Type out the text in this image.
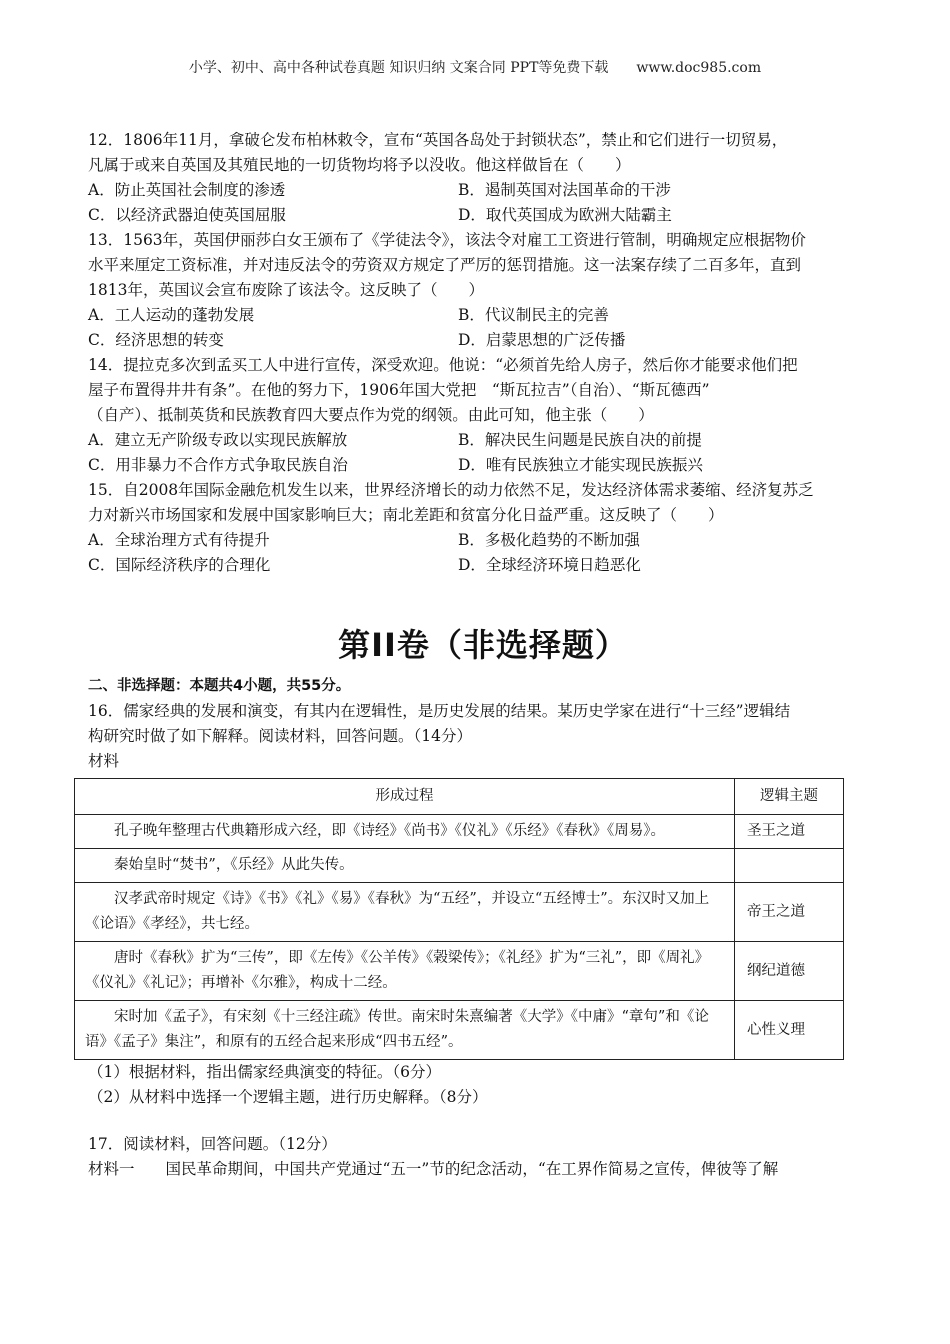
小学、初中、高中各种试卷真题 知识归纳 文案合同 PPT等免费下载　　www.doc985.com
12．1806年11月，拿破仑发布柏林敕令，宣布“英国各岛处于封锁状态”，禁止和它们进行一切贸易，
凡属于或来自英国及其殖民地的一切货物均将予以没收。他这样做旨在（　　）
A．防止英国社会制度的渗透	B．遏制英国对法国革命的干涉
C．以经济武器迫使英国屈服	D．取代英国成为欧洲大陆霸主
13．1563年，英国伊丽莎白女王颁布了《学徒法令》，该法令对雇工工资进行管制，明确规定应根据物价
水平来厘定工资标准，并对违反法令的劳资双方规定了严厉的惩罚措施。这一法案存续了二百多年，直到
1813年，英国议会宣布废除了该法令。这反映了（　　）
A．工人运动的蓬勃发展	B．代议制民主的完善
C．经济思想的转变	D．启蒙思想的广泛传播
14．提拉克多次到孟买工人中进行宣传，深受欢迎。他说：“必须首先给人房子，然后你才能要求他们把
屋子布置得井井有条”。在他的努力下，1906年国大党把　“斯瓦拉吉”（自治）、“斯瓦德西”
（自产）、抵制英货和民族教育四大要点作为党的纲领。由此可知，他主张（　　）
A．建立无产阶级专政以实现民族解放	B．解决民生问题是民族自决的前提
C．用非暴力不合作方式争取民族自治	D．唯有民族独立才能实现民族振兴
15．自2008年国际金融危机发生以来，世界经济增长的动力依然不足，发达经济体需求萎缩、经济复苏乏
力对新兴市场国家和发展中国家影响巨大；南北差距和贫富分化日益严重。这反映了（　　）
A．全球治理方式有待提升	B．多极化趋势的不断加强
C．国际经济秩序的合理化	D．全球经济环境日趋恶化
第II卷（非选择题）
二、非选择题：本题共4小题，共55分。
16．儒家经典的发展和演变，有其内在逻辑性，是历史发展的结果。某历史学家在进行“十三经”逻辑结
构研究时做了如下解释。阅读材料，回答问题。（14分）
材料
形成过程	逻辑主题
孔子晚年整理古代典籍形成六经，即《诗经》《尚书》《仪礼》《乐经》《春秋》《周易》。	圣王之道
秦始皇时“焚书”，《乐经》从此失传。	
汉孝武帝时规定《诗》《书》《礼》《易》《春秋》为“五经”，并设立“五经博士”。东汉时又加上《论语》《孝经》，共七经。	帝王之道
唐时《春秋》扩为“三传”，即《左传》《公羊传》《榖梁传》；《礼经》扩为“三礼”，即《周礼》《仪礼》《礼记》；再增补《尔雅》，构成十二经。	纲纪道德
宋时加《孟子》，有宋刻《十三经注疏》传世。南宋时朱熹编著《大学》《中庸》“章句”和《论语》《孟子》集注”，和原有的五经合起来形成“四书五经”。	心性义理
（1）根据材料，指出儒家经典演变的特征。（6分）
（2）从材料中选择一个逻辑主题，进行历史解释。（8分）
17．阅读材料，回答问题。（12分）
材料一　　国民革命期间，中国共产党通过“五一”节的纪念活动，“在工界作简易之宣传，俾彼等了解
